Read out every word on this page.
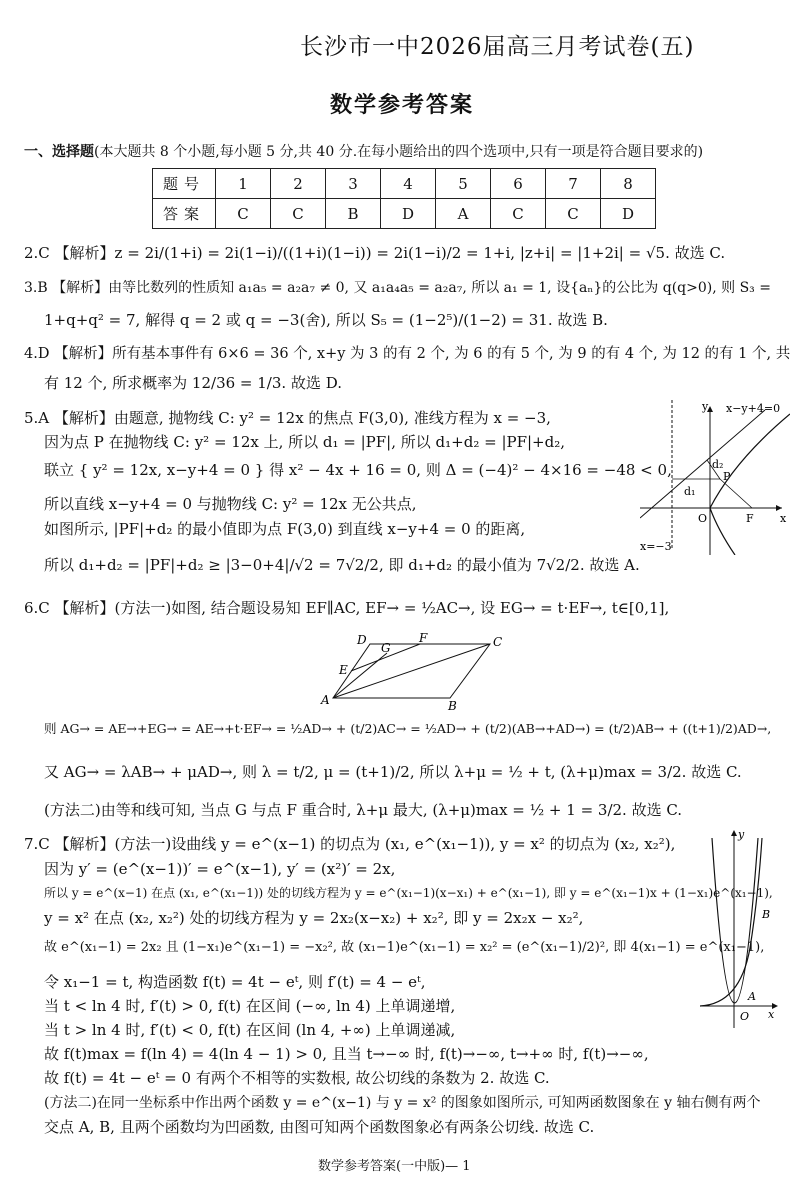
长沙市一中2026届高三月考试卷(五)
数学参考答案
一、选择题(本大题共 8 个小题,每小题 5 分,共 40 分.在每小题给出的四个选项中,只有一项是符合题目要求的)
题号	1	2	3	4	5	6	7	8
答案	C	C	B	D	A	C	C	D
2.C 【解析】z = 2i/(1+i) = 2i(1−i)/((1+i)(1−i)) = 2i(1−i)/2 = 1+i, |z+i| = |1+2i| = √5. 故选 C.
3.B 【解析】由等比数列的性质知 a₁a₅ = a₂a₇ ≠ 0, 又 a₁a₄a₅ = a₂a₇, 所以 a₁ = 1, 设{aₙ}的公比为 q(q>0), 则 S₃ =
1+q+q² = 7, 解得 q = 2 或 q = −3(舍), 所以 S₅ = (1−2⁵)/(1−2) = 31. 故选 B.
4.D 【解析】所有基本事件有 6×6 = 36 个, x+y 为 3 的有 2 个, 为 6 的有 5 个, 为 9 的有 4 个, 为 12 的有 1 个, 共
有 12 个, 所求概率为 12/36 = 1/3. 故选 D.
5.A 【解析】由题意, 抛物线 C: y² = 12x 的焦点 F(3,0), 准线方程为 x = −3,
因为点 P 在抛物线 C: y² = 12x 上, 所以 d₁ = |PF|, 所以 d₁+d₂ = |PF|+d₂,
联立 { y² = 12x, x−y+4 = 0 } 得 x² − 4x + 16 = 0, 则 Δ = (−4)² − 4×16 = −48 < 0,
所以直线 x−y+4 = 0 与抛物线 C: y² = 12x 无公共点,
如图所示, |PF|+d₂ 的最小值即为点 F(3,0) 到直线 x−y+4 = 0 的距离,
所以 d₁+d₂ = |PF|+d₂ ≥ |3−0+4|/√2 = 7√2/2, 即 d₁+d₂ 的最小值为 7√2/2. 故选 A.
6.C 【解析】(方法一)如图, 结合题设易知 EF∥AC, EF→ = ½AC→, 设 EG→ = t·EF→, t∈[0,1],
则 AG→ = AE→+EG→ = AE→+t·EF→ = ½AD→ + (t/2)AC→ = ½AD→ + (t/2)(AB→+AD→) = (t/2)AB→ + ((t+1)/2)AD→,
又 AG→ = λAB→ + μAD→, 则 λ = t/2, μ = (t+1)/2, 所以 λ+μ = ½ + t, (λ+μ)max = 3/2. 故选 C.
(方法二)由等和线可知, 当点 G 与点 F 重合时, λ+μ 最大, (λ+μ)max = ½ + 1 = 3/2. 故选 C.
7.C 【解析】(方法一)设曲线 y = e^(x−1) 的切点为 (x₁, e^(x₁−1)), y = x² 的切点为 (x₂, x₂²),
因为 y′ = (e^(x−1))′ = e^(x−1), y′ = (x²)′ = 2x,
所以 y = e^(x−1) 在点 (x₁, e^(x₁−1)) 处的切线方程为 y = e^(x₁−1)(x−x₁) + e^(x₁−1), 即 y = e^(x₁−1)x + (1−x₁)e^(x₁−1),
y = x² 在点 (x₂, x₂²) 处的切线方程为 y = 2x₂(x−x₂) + x₂², 即 y = 2x₂x − x₂²,
故 e^(x₁−1) = 2x₂ 且 (1−x₁)e^(x₁−1) = −x₂², 故 (x₁−1)e^(x₁−1) = x₂² = (e^(x₁−1)/2)², 即 4(x₁−1) = e^(x₁−1),
令 x₁−1 = t, 构造函数 f(t) = 4t − eᵗ, 则 f′(t) = 4 − eᵗ,
当 t < ln 4 时, f′(t) > 0, f(t) 在区间 (−∞, ln 4) 上单调递增,
当 t > ln 4 时, f′(t) < 0, f(t) 在区间 (ln 4, +∞) 上单调递减,
故 f(t)max = f(ln 4) = 4(ln 4 − 1) > 0, 且当 t→−∞ 时, f(t)→−∞, t→+∞ 时, f(t)→−∞,
故 f(t) = 4t − eᵗ = 0 有两个不相等的实数根, 故公切线的条数为 2. 故选 C.
(方法二)在同一坐标系中作出两个函数 y = e^(x−1) 与 y = x² 的图象如图所示, 可知两函数图象在 y 轴右侧有两个
交点 A, B, 且两个函数均为凹函数, 由图可知两个函数图象必有两条公切线. 故选 C.
x−y+4=0
x=−3
y
x
O	F
P
d₁
d₂
A	B
C
D
E
F
G
y
x
O
A
B
数学参考答案(一中版)— 1
